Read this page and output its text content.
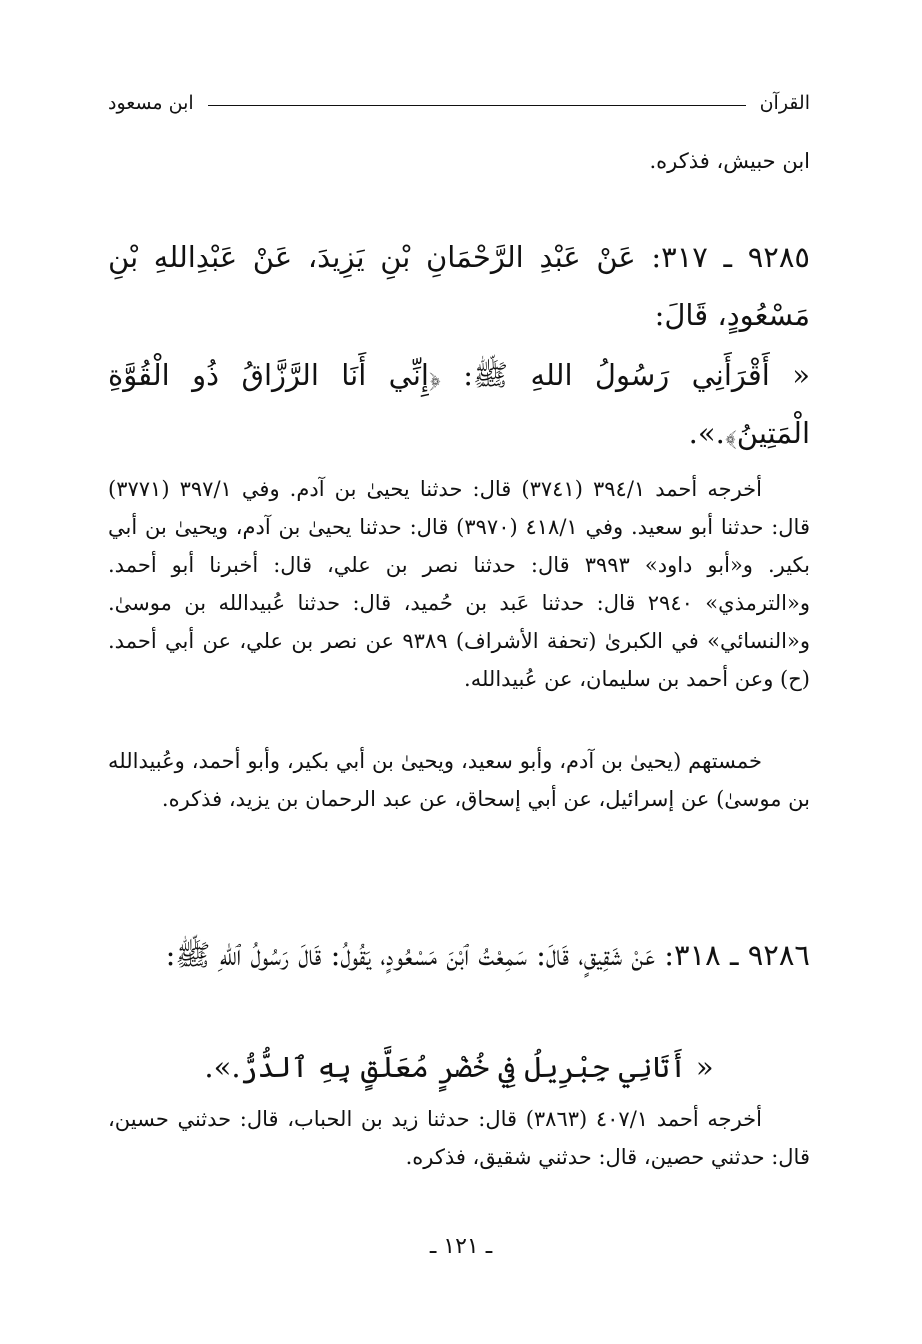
القرآن
ابن مسعود

ابن حبيش، فذكره.

٩٢٨٥ ـ ٣١٧: عَنْ عَبْدِ الرَّحْمَانِ بْنِ يَزِيدَ، عَنْ عَبْدِاللهِ بْنِ مَسْعُودٍ، قَالَ:

« أَقْرَأَنِي رَسُولُ اللهِ ﷺ: ﴿إِنِّي أَنَا الرَّزَّاقُ ذُو الْقُوَّةِ الْمَتِينُ﴾.».

أخرجه أحمد ٣٩٤/١ (٣٧٤١) قال: حدثنا يحيىٰ بن آدم. وفي ٣٩٧/١ (٣٧٧١) قال: حدثنا أبو سعيد. وفي ٤١٨/١ (٣٩٧٠) قال: حدثنا يحيىٰ بن آدم، ويحيىٰ بن أبي بكير. و«أبو داود» ٣٩٩٣ قال: حدثنا نصر بن علي، قال: أخبرنا أبو أحمد. و«الترمذي» ٢٩٤٠ قال: حدثنا عَبد بن حُميد، قال: حدثنا عُبيدالله بن موسىٰ. و«النسائي» في الكبرىٰ (تحفة الأشراف) ٩٣٨٩ عن نصر بن علي، عن أبي أحمد. (ح) وعن أحمد بن سليمان، عن عُبيدالله.

خمستهم (يحيىٰ بن آدم، وأبو سعيد، ويحيىٰ بن أبي بكير، وأبو أحمد، وعُبيدالله بن موسىٰ) عن إسرائيل، عن أبي إسحاق، عن عبد الرحمان بن يزيد، فذكره.

٩٢٨٦ ـ ٣١٨: عَنْ شَقِيقٍ، قَالَ: سَمِعْتُ ٱبْنَ مَسْعُودٍ، يَقُولُ: قَالَ رَسُولُ ٱللهِ ﷺ:

« أَتَانِي جِبْرِيلُ فِي خُضْرٍ مُعَلَّقٍ بِهِ ٱلدُّرُّ.».

أخرجه أحمد ٤٠٧/١ (٣٨٦٣) قال: حدثنا زيد بن الحباب، قال: حدثني حسين، قال: حدثني حصين، قال: حدثني شقيق، فذكره.

ـ ١٢١ ـ
